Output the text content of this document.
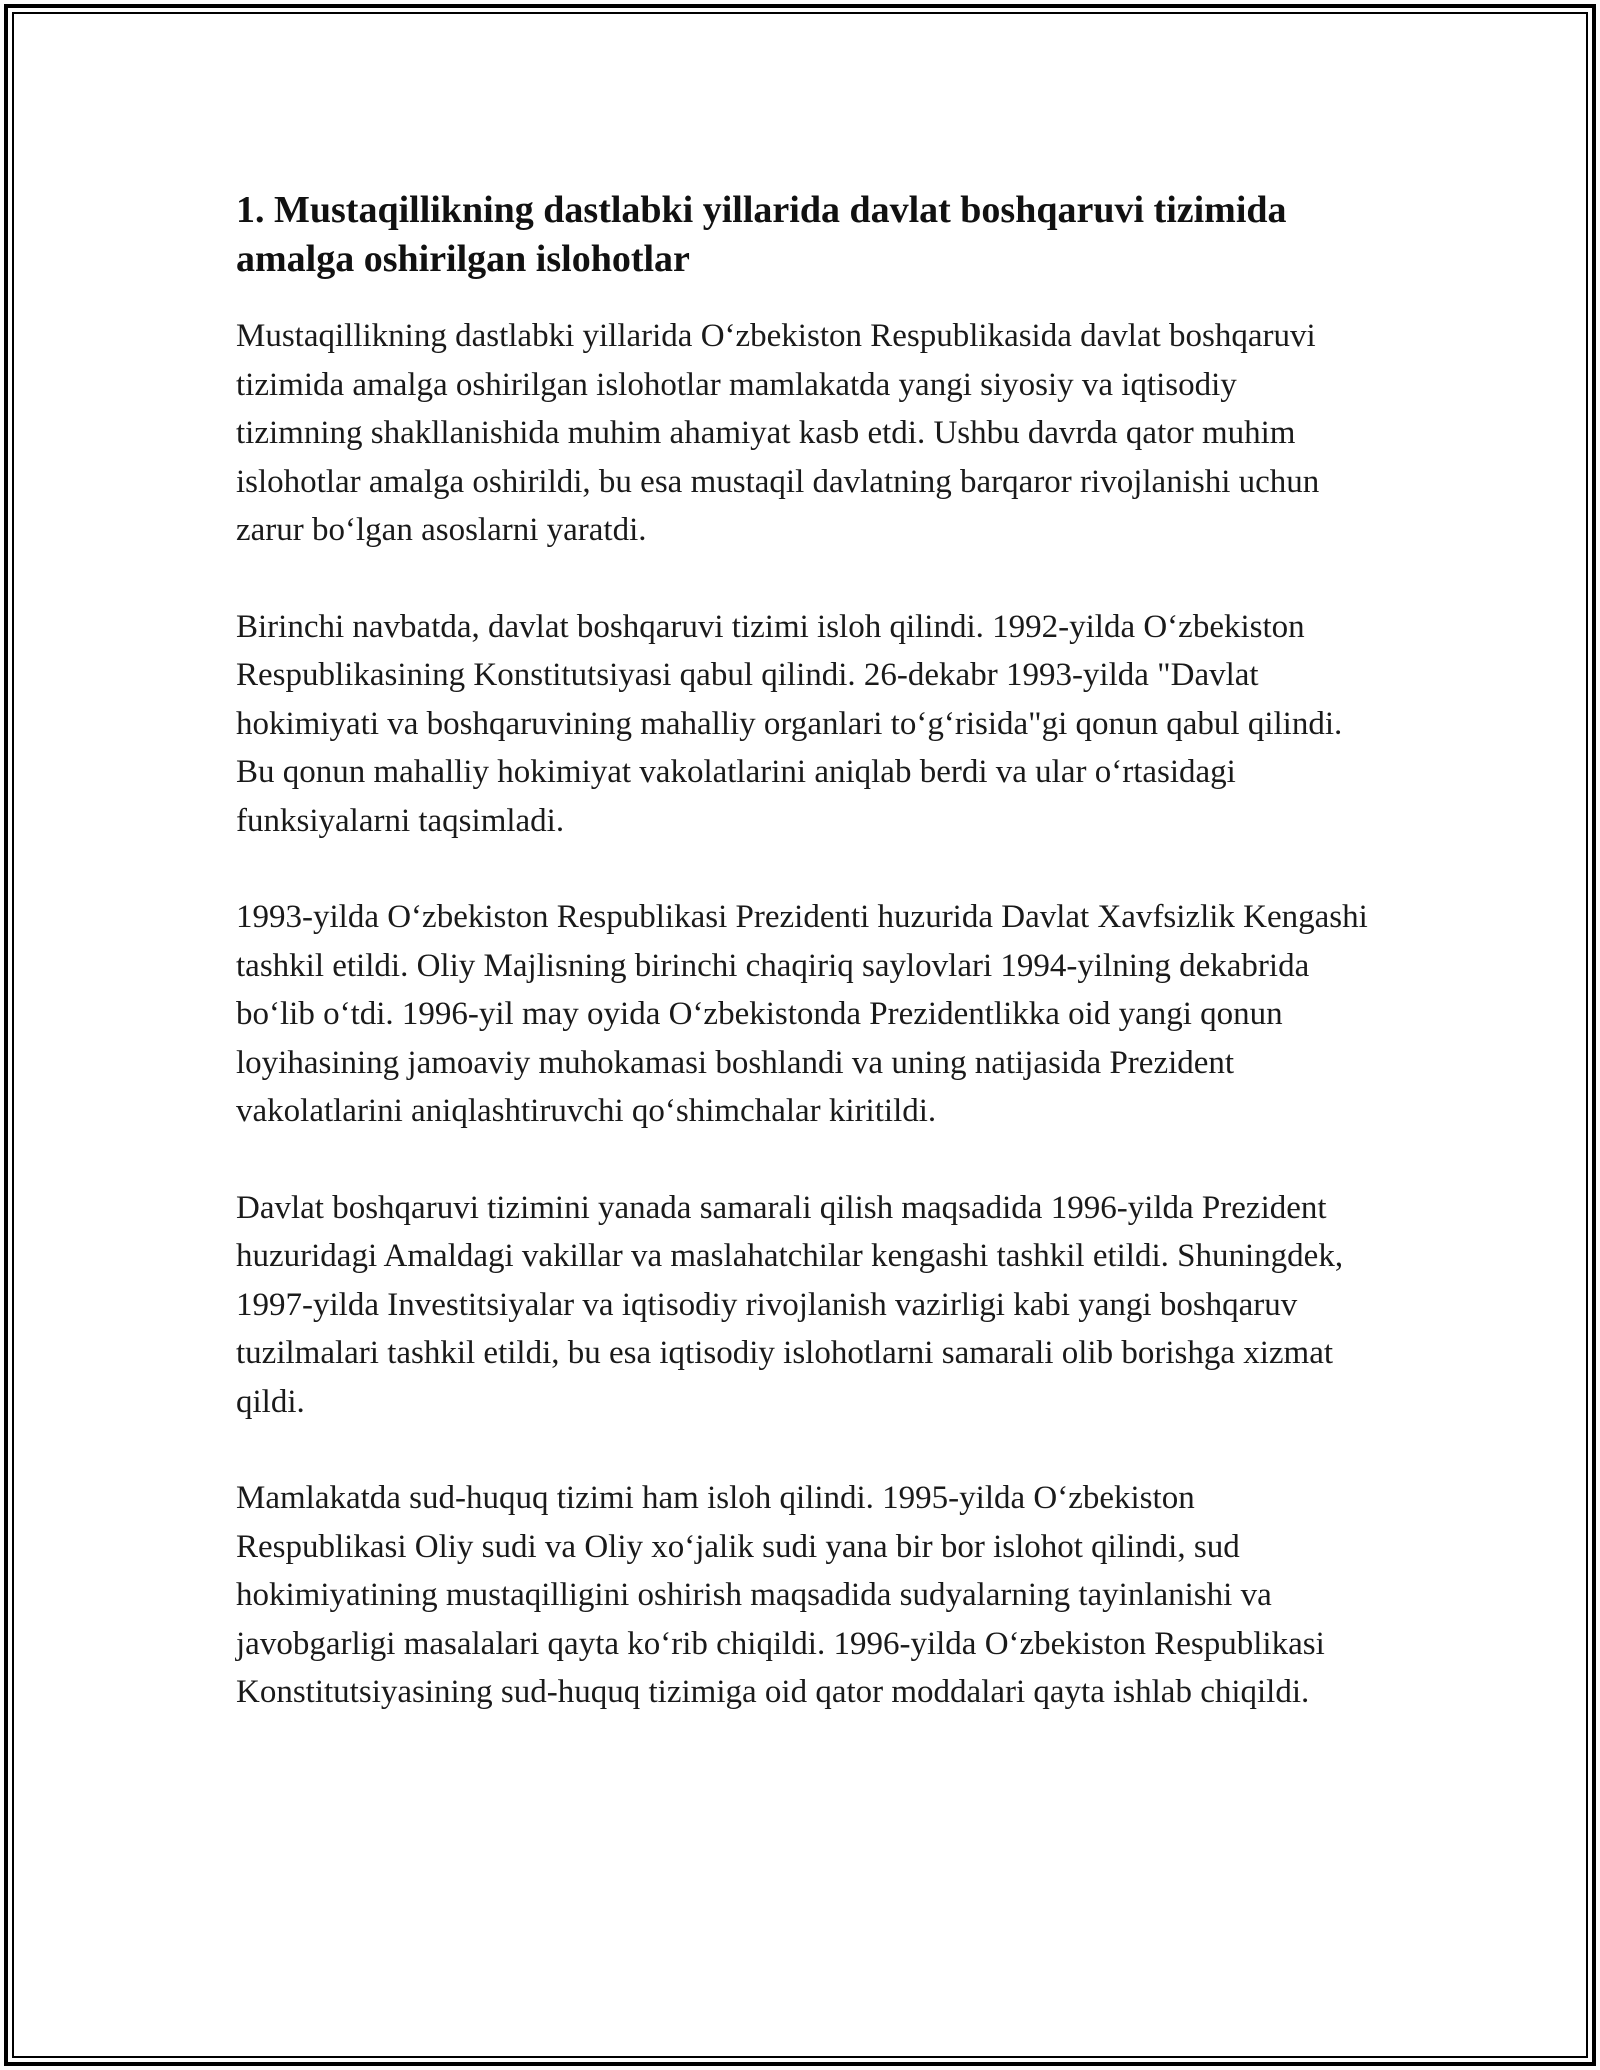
1. Mustaqillikning dastlabki yillarida davlat boshqaruvi tizimida amalga oshirilgan islohotlar

Mustaqillikning dastlabki yillarida O‘zbekiston Respublikasida davlat boshqaruvi tizimida amalga oshirilgan islohotlar mamlakatda yangi siyosiy va iqtisodiy tizimning shakllanishida muhim ahamiyat kasb etdi. Ushbu davrda qator muhim islohotlar amalga oshirildi, bu esa mustaqil davlatning barqaror rivojlanishi uchun zarur bo‘lgan asoslarni yaratdi.

Birinchi navbatda, davlat boshqaruvi tizimi isloh qilindi. 1992-yilda O‘zbekiston Respublikasining Konstitutsiyasi qabul qilindi. 26-dekabr 1993-yilda "Davlat hokimiyati va boshqaruvining mahalliy organlari to‘g‘risida"gi qonun qabul qilindi. Bu qonun mahalliy hokimiyat vakolatlarini aniqlab berdi va ular o‘rtasidagi funksiyalarni taqsimladi.

1993-yilda O‘zbekiston Respublikasi Prezidenti huzurida Davlat Xavfsizlik Kengashi tashkil etildi. Oliy Majlisning birinchi chaqiriq saylovlari 1994-yilning dekabrida bo‘lib o‘tdi. 1996-yil may oyida O‘zbekistonda Prezidentlikka oid yangi qonun loyihasining jamoaviy muhokamasi boshlandi va uning natijasida Prezident vakolatlarini aniqlashtiruvchi qo‘shimchalar kiritildi.

Davlat boshqaruvi tizimini yanada samarali qilish maqsadida 1996-yilda Prezident huzuridagi Amaldagi vakillar va maslahatchilar kengashi tashkil etildi. Shuningdek, 1997-yilda Investitsiyalar va iqtisodiy rivojlanish vazirligi kabi yangi boshqaruv tuzilmalari tashkil etildi, bu esa iqtisodiy islohotlarni samarali olib borishga xizmat qildi.

Mamlakatda sud-huquq tizimi ham isloh qilindi. 1995-yilda O‘zbekiston Respublikasi Oliy sudi va Oliy xo‘jalik sudi yana bir bor islohot qilindi, sud hokimiyatining mustaqilligini oshirish maqsadida sudyalarning tayinlanishi va javobgarligi masalalari qayta ko‘rib chiqildi. 1996-yilda O‘zbekiston Respublikasi Konstitutsiyasining sud-huquq tizimiga oid qator moddalari qayta ishlab chiqildi.
